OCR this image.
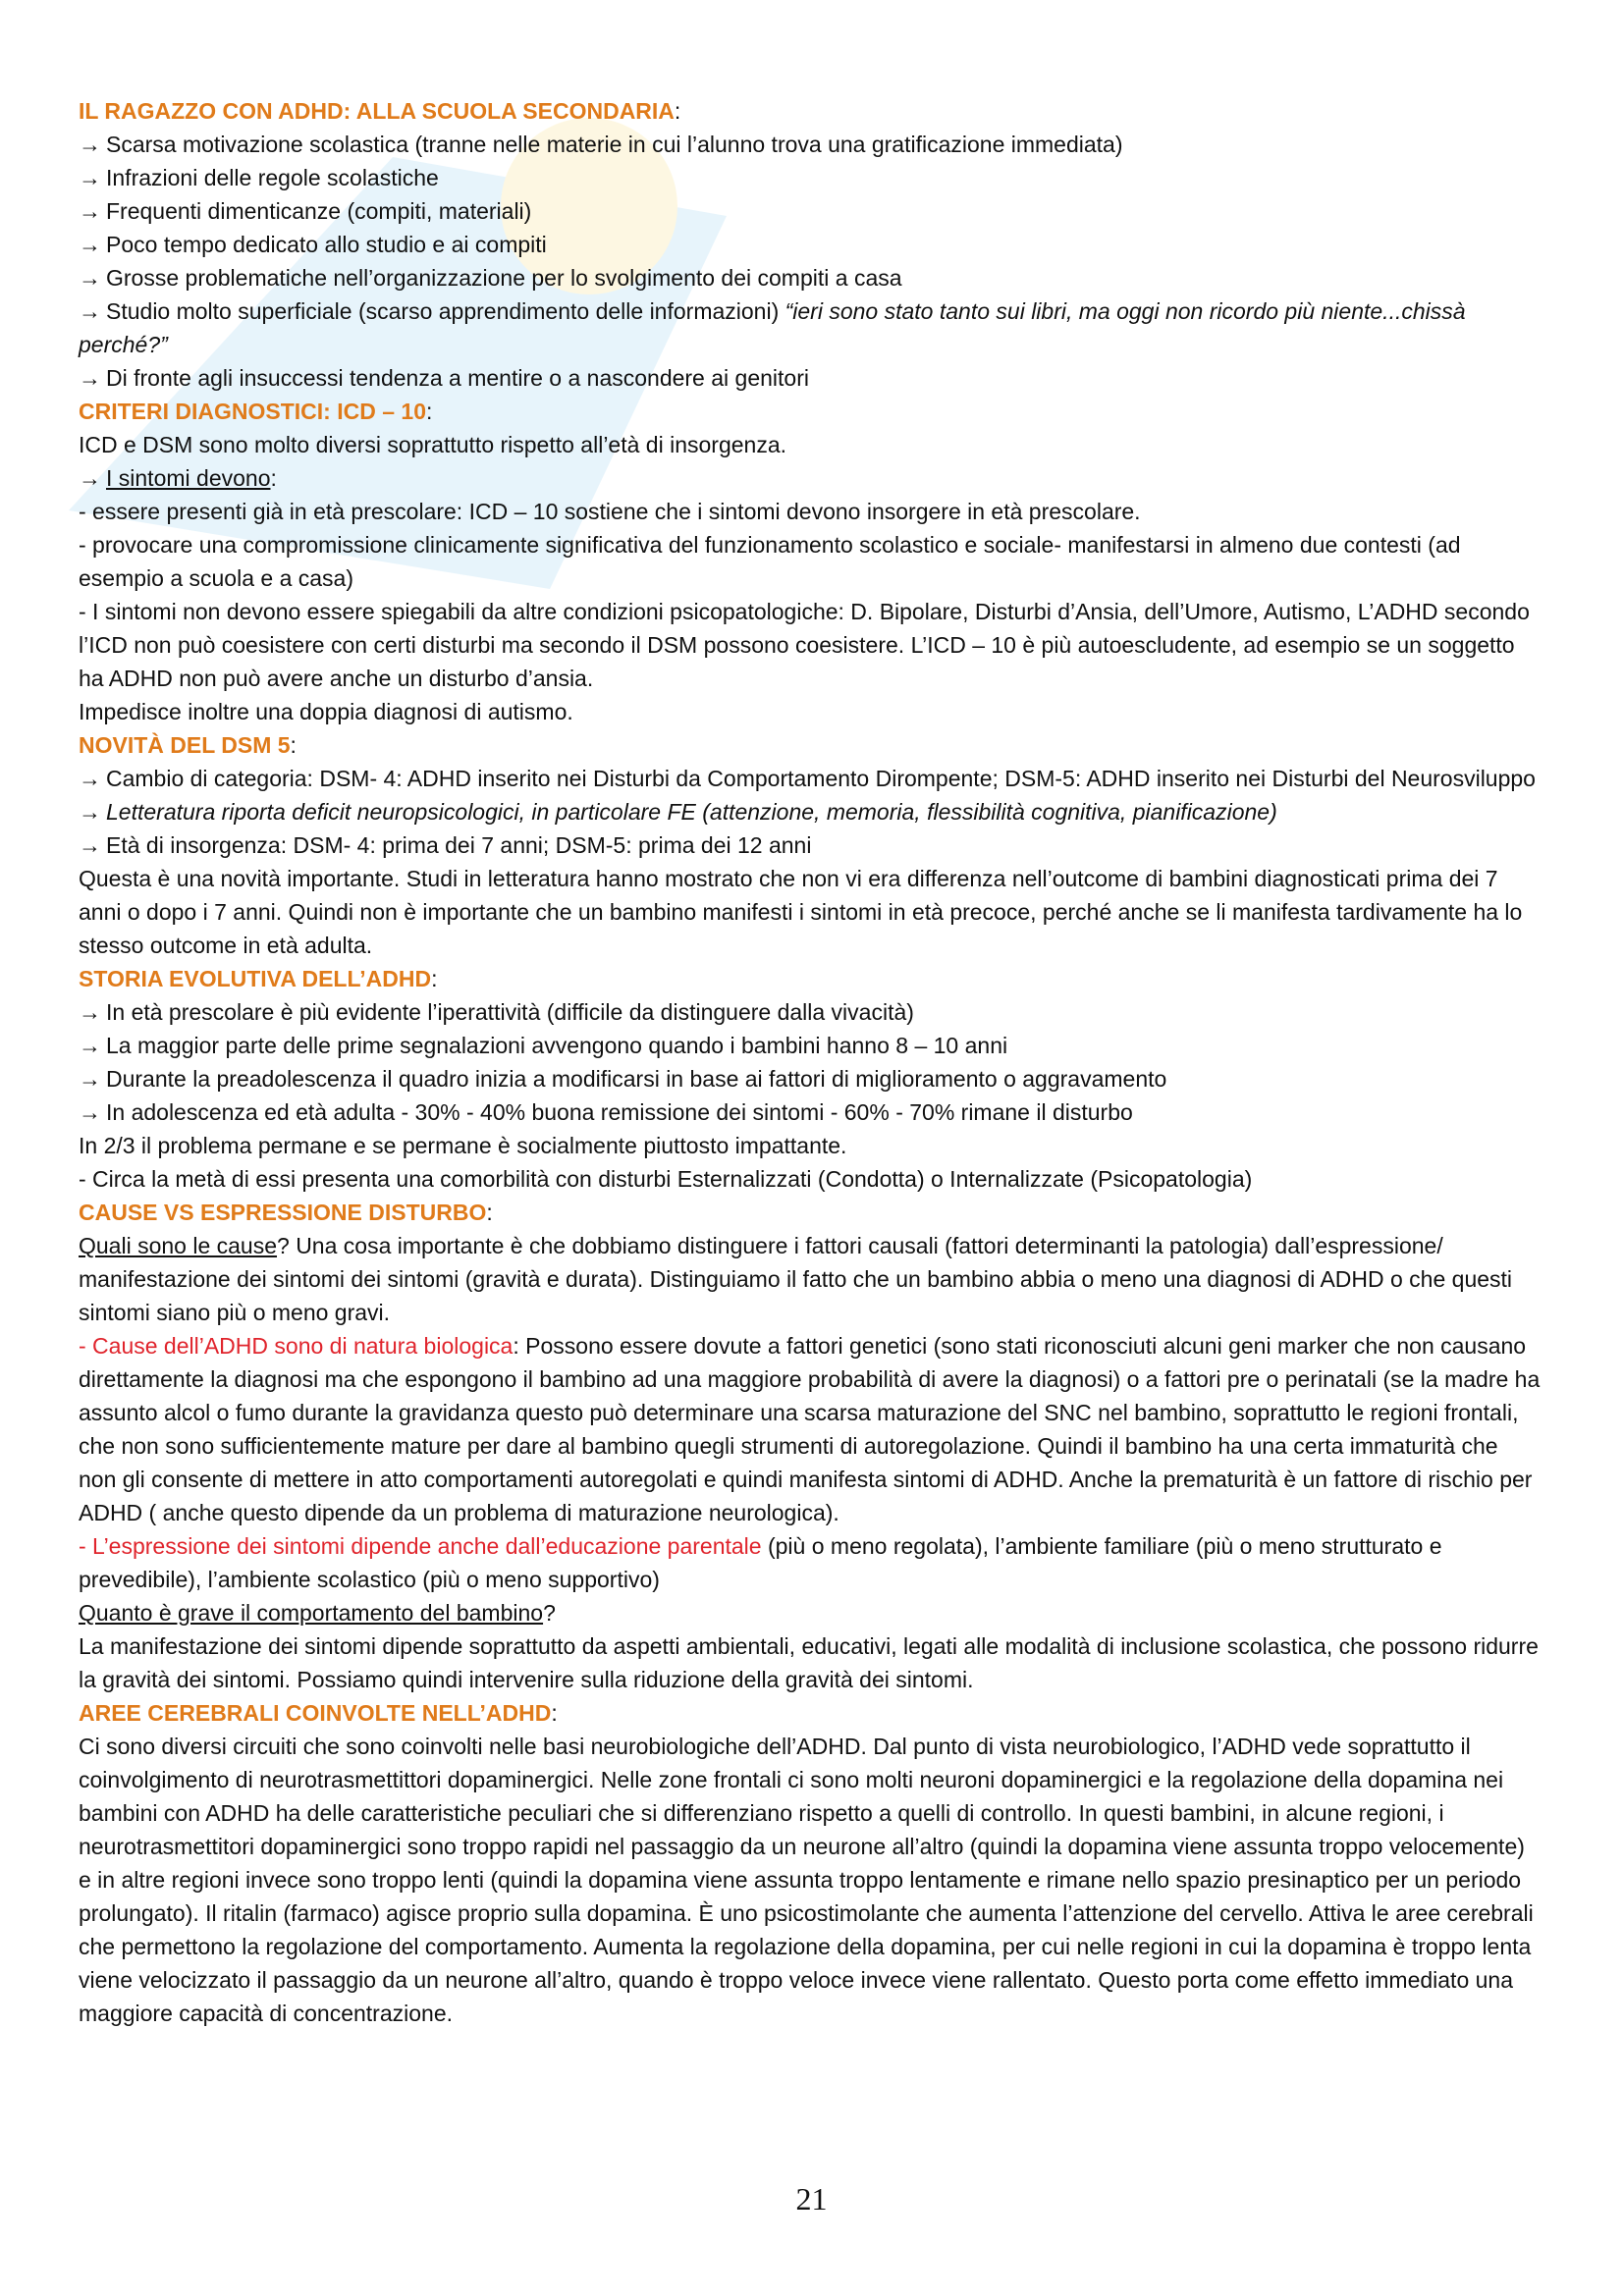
IL RAGAZZO CON ADHD: ALLA SCUOLA SECONDARIA:
→ Scarsa motivazione scolastica (tranne nelle materie in cui l’alunno trova una gratificazione immediata)
→ Infrazioni delle regole scolastiche
→ Frequenti dimenticanze (compiti, materiali)
→ Poco tempo dedicato allo studio e ai compiti
→ Grosse problematiche nell’organizzazione per lo svolgimento dei compiti a casa
→ Studio molto superficiale (scarso apprendimento delle informazioni) “ieri sono stato tanto sui libri, ma oggi non ricordo più niente...chissà perché?”
→ Di fronte agli insuccessi tendenza a mentire o a nascondere ai genitori
CRITERI DIAGNOSTICI: ICD – 10:
ICD e DSM sono molto diversi soprattutto rispetto all’età di insorgenza.
→ I sintomi devono:
- essere presenti già in età prescolare: ICD – 10 sostiene che i sintomi devono insorgere in età prescolare.
- provocare una compromissione clinicamente significativa del funzionamento scolastico e sociale- manifestarsi in almeno due contesti (ad esempio a scuola e a casa)
- I sintomi non devono essere spiegabili da altre condizioni psicopatologiche: D. Bipolare, Disturbi d’Ansia, dell’Umore, Autismo, L’ADHD secondo l’ICD non può coesistere con certi disturbi ma secondo il DSM possono coesistere. L’ICD – 10 è più autoescludente, ad esempio se un soggetto ha ADHD non può avere anche un disturbo d’ansia.
Impedisce inoltre una doppia diagnosi di autismo.
NOVITÀ DEL DSM 5:
→ Cambio di categoria: DSM- 4: ADHD inserito nei Disturbi da Comportamento Dirompente; DSM-5: ADHD inserito nei Disturbi del Neurosviluppo
→ Letteratura riporta deficit neuropsicologici, in particolare FE (attenzione, memoria, flessibilità cognitiva, pianificazione)
→ Età di insorgenza: DSM- 4: prima dei 7 anni; DSM-5: prima dei 12 anni
Questa è una novità importante. Studi in letteratura hanno mostrato che non vi era differenza nell’outcome di bambini diagnosticati prima dei 7 anni o dopo i 7 anni. Quindi non è importante che un bambino manifesti i sintomi in età precoce, perché anche se li manifesta tardivamente ha lo stesso outcome in età adulta.
STORIA EVOLUTIVA DELL’ADHD:
→ In età prescolare è più evidente l’iperattività (difficile da distinguere dalla vivacità)
→ La maggior parte delle prime segnalazioni avvengono quando i bambini hanno 8 – 10 anni
→ Durante la preadolescenza il quadro inizia a modificarsi in base ai fattori di miglioramento o aggravamento
→ In adolescenza ed età adulta - 30% - 40% buona remissione dei sintomi - 60% - 70% rimane il disturbo
In 2/3 il problema permane e se permane è socialmente piuttosto impattante.
- Circa la metà di essi presenta una comorbilità con disturbi Esternalizzati (Condotta) o Internalizzate (Psicopatologia)
CAUSE VS ESPRESSIONE DISTURBO:
Quali sono le cause? Una cosa importante è che dobbiamo distinguere i fattori causali (fattori determinanti la patologia) dall’espressione/ manifestazione dei sintomi dei sintomi (gravità e durata). Distinguiamo il fatto che un bambino abbia o meno una diagnosi di ADHD o che questi sintomi siano più o meno gravi.
- Cause dell’ADHD sono di natura biologica: Possono essere dovute a fattori genetici (sono stati riconosciuti alcuni geni marker che non causano direttamente la diagnosi ma che espongono il bambino ad una maggiore probabilità di avere la diagnosi) o a fattori pre o perinatali (se la madre ha assunto alcol o fumo durante la gravidanza questo può determinare una scarsa maturazione del SNC nel bambino, soprattutto le regioni frontali, che non sono sufficientemente mature per dare al bambino quegli strumenti di autoregolazione. Quindi il bambino ha una certa immaturità che non gli consente di mettere in atto comportamenti autoregolati e quindi manifesta sintomi di ADHD. Anche la prematurità è un fattore di rischio per ADHD ( anche questo dipende da un problema di maturazione neurologica).
- L’espressione dei sintomi dipende anche dall’educazione parentale (più o meno regolata), l’ambiente familiare (più o meno strutturato e prevedibile), l’ambiente scolastico (più o meno supportivo)
Quanto è grave il comportamento del bambino?
La manifestazione dei sintomi dipende soprattutto da aspetti ambientali, educativi, legati alle modalità di inclusione scolastica, che possono ridurre la gravità dei sintomi. Possiamo quindi intervenire sulla riduzione della gravità dei sintomi.
AREE CEREBRALI COINVOLTE NELL’ADHD:
Ci sono diversi circuiti che sono coinvolti nelle basi neurobiologiche dell’ADHD. Dal punto di vista neurobiologico, l’ADHD vede soprattutto il coinvolgimento di neurotrasmettittori dopaminergici. Nelle zone frontali ci sono molti neuroni dopaminergici e la regolazione della dopamina nei bambini con ADHD ha delle caratteristiche peculiari che si differenziano rispetto a quelli di controllo. In questi bambini, in alcune regioni, i neurotrasmettitori dopaminergici sono troppo rapidi nel passaggio da un neurone all’altro (quindi la dopamina viene assunta troppo velocemente) e in altre regioni invece sono troppo lenti (quindi la dopamina viene assunta troppo lentamente e rimane nello spazio presinaptico per un periodo prolungato). Il ritalin (farmaco) agisce proprio sulla dopamina. È uno psicostimolante che aumenta l’attenzione del cervello. Attiva le aree cerebrali che permettono la regolazione del comportamento. Aumenta la regolazione della dopamina, per cui nelle regioni in cui la dopamina è troppo lenta viene velocizzato il passaggio da un neurone all’altro, quando è troppo veloce invece viene rallentato. Questo porta come effetto immediato una maggiore capacità di concentrazione.
21
